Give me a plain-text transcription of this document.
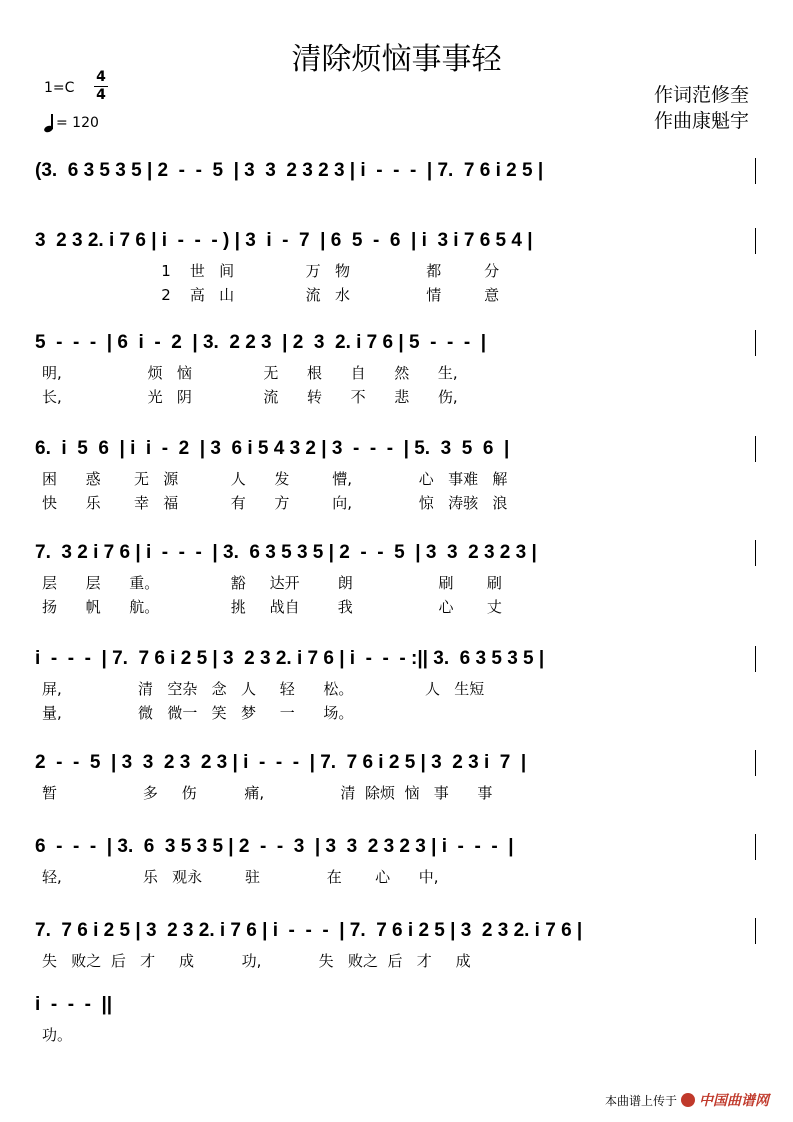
清除烦恼事事轻
1=C
4
4
= 120
作词范修奎
作曲康魁宇
(3.  6 3 5 3 5 | 2  -  -  5  | 3  3  2 3 2 3 | i  -  -  -  | 7.  7 6 i 2 5 |
3  2 3 2. i 7 6 | i  -  -  - ) | 3  i  -  7  | 6  5  -  6  | i  3 i 7 6 5 4 |
1    世   间               万   物                都         分
2    高   山               流   水                情         意
5  -  -  -  | 6  i  -  2  | 3.  2 2 3  | 2  3  2. i 7 6 | 5  -  -  -  |
明,                  烦   恼               无      根      自      然      生,
长,                  光   阴               流      转      不      悲      伤,
6.  i  5  6  | i  i  -  2  | 3  6 i 5 4 3 2 | 3  -  -  -  | 5.  3  5  6  |
困      惑       无   源           人      发         懵,              心   事难   解
快      乐       幸   福           有      方         向,              惊   涛骇   浪
7.  3 2 i 7 6 | i  -  -  -  | 3.  6 3 5 3 5 | 2  -  -  5  | 3  3  2 3 2 3 |
层      层      重。               豁     达开        朗                  刷       刷
扬      帆      航。               挑     战自        我                  心       丈
i  -  -  -  | 7.  7 6 i 2 5 | 3  2 3 2. i 7 6 | i  -  -  - :|| 3.  6 3 5 3 5 |
屏,                清   空杂   念   人     轻      松。               人   生短
量,                微   微一   笑   梦     一      场。
2  -  -  5  | 3  3  2 3  2 3 | i  -  -  -  | 7.  7 6 i 2 5 | 3  2 3 i  7  |
暂                  多     伤          痛,                清  除烦  恼   事      事
6  -  -  -  | 3.  6  3 5 3 5 | 2  -  -  3  | 3  3  2 3 2 3 | i  -  -  -  |
轻,                 乐   观永         驻              在       心      中,
7.  7 6 i 2 5 | 3  2 3 2. i 7 6 | i  -  -  -  | 7.  7 6 i 2 5 | 3  2 3 2. i 7 6 |
失   败之  后   才     成          功,            失   败之  后   才     成
i  -  -  -  ||
功。
本曲谱上传于 中国曲谱网
